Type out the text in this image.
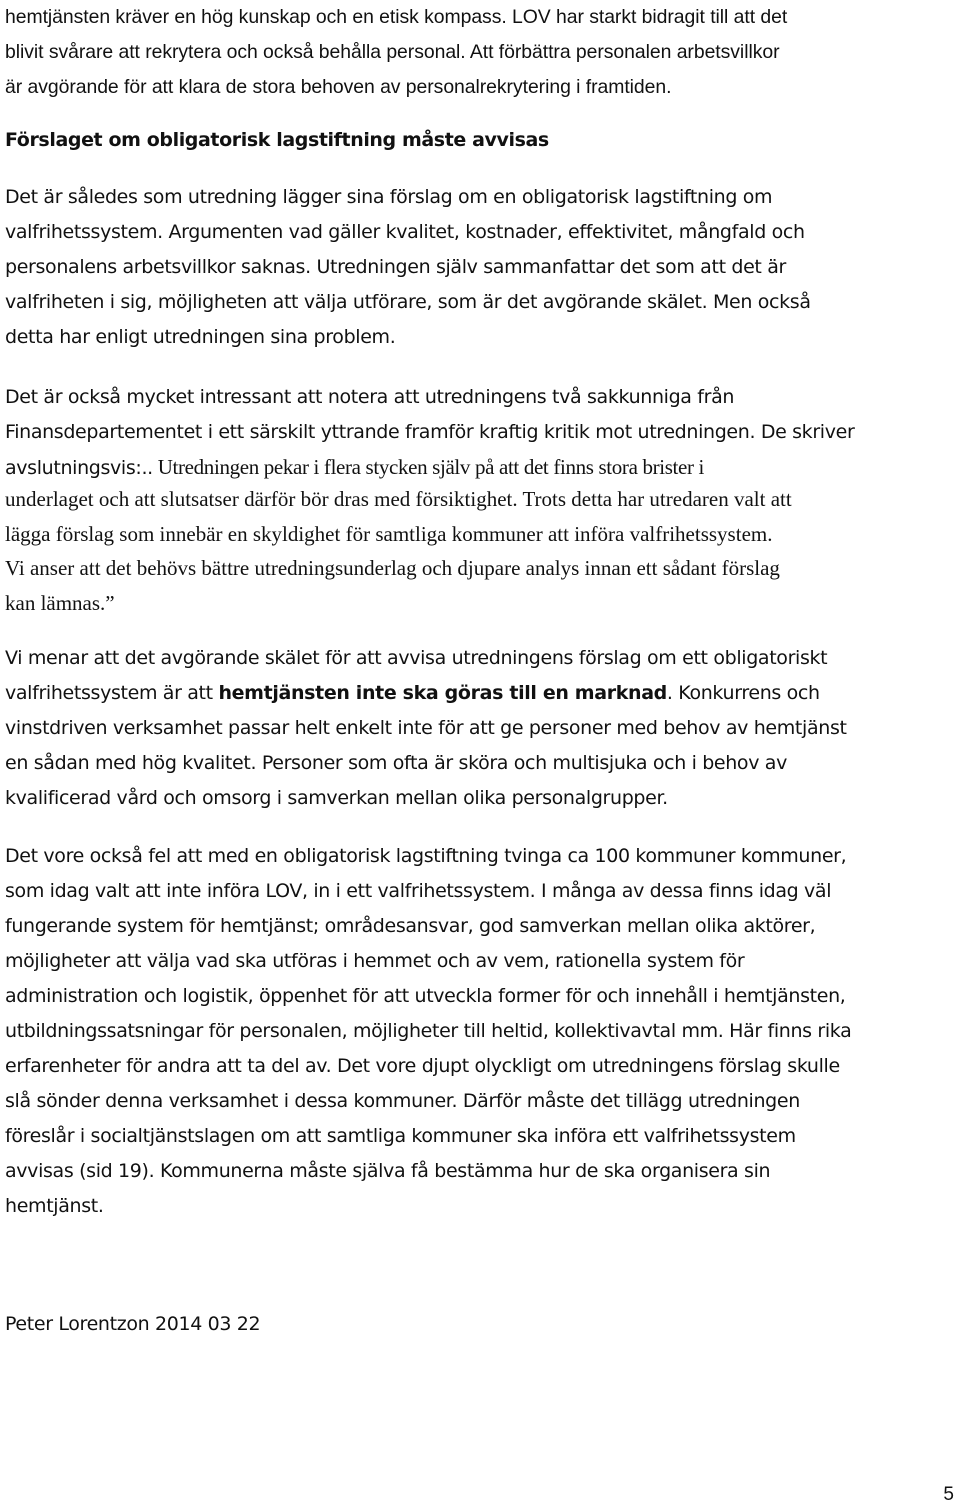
hemtjänsten kräver en hög kunskap och en etisk kompass. LOV har starkt bidragit till att det
blivit svårare att rekrytera och också behålla personal. Att förbättra personalen arbetsvillkor
är avgörande för att klara de stora behoven av personalrekrytering i framtiden.
Förslaget om obligatorisk lagstiftning måste avvisas
Det är således som utredning lägger sina förslag om en obligatorisk lagstiftning om
valfrihetssystem. Argumenten vad gäller kvalitet, kostnader, effektivitet, mångfald och
personalens arbetsvillkor saknas. Utredningen själv sammanfattar det som att det är
valfriheten i sig, möjligheten att välja utförare, som är det avgörande skälet. Men också
detta har enligt utredningen sina problem.
Det är också mycket intressant att notera att utredningens två sakkunniga från
Finansdepartementet i ett särskilt yttrande framför kraftig kritik mot utredningen. De skriver
avslutningsvis:.. Utredningen pekar i flera stycken själv på att det finns stora brister i
underlaget och att slutsatser därför bör dras med försiktighet. Trots detta har utredaren valt att
lägga förslag som innebär en skyldighet för samtliga kommuner att införa valfrihetssystem.
Vi anser att det behövs bättre utredningsunderlag och djupare analys innan ett sådant förslag
kan lämnas.”
Vi menar att det avgörande skälet för att avvisa utredningens förslag om ett obligatoriskt
valfrihetssystem är att hemtjänsten inte ska göras till en marknad. Konkurrens och
vinstdriven verksamhet passar helt enkelt inte för att ge personer med behov av hemtjänst
en sådan med hög kvalitet. Personer som ofta är sköra och multisjuka och i behov av
kvalificerad vård och omsorg i samverkan mellan olika personalgrupper.
Det vore också fel att med en obligatorisk lagstiftning tvinga ca 100 kommuner kommuner,
som idag valt att inte införa LOV, in i ett valfrihetssystem. I många av dessa finns idag väl
fungerande system för hemtjänst; områdesansvar, god samverkan mellan olika aktörer,
möjligheter att välja vad ska utföras i hemmet och av vem, rationella system för
administration och logistik, öppenhet för att utveckla former för och innehåll i hemtjänsten,
utbildningssatsningar för personalen, möjligheter till heltid, kollektivavtal mm. Här finns rika
erfarenheter för andra att ta del av. Det vore djupt olyckligt om utredningens förslag skulle
slå sönder denna verksamhet i dessa kommuner. Därför måste det tillägg utredningen
föreslår i socialtjänstslagen om att samtliga kommuner ska införa ett valfrihetssystem
avvisas (sid 19). Kommunerna måste själva få bestämma hur de ska organisera sin
hemtjänst.
Peter Lorentzon 2014 03 22
5
